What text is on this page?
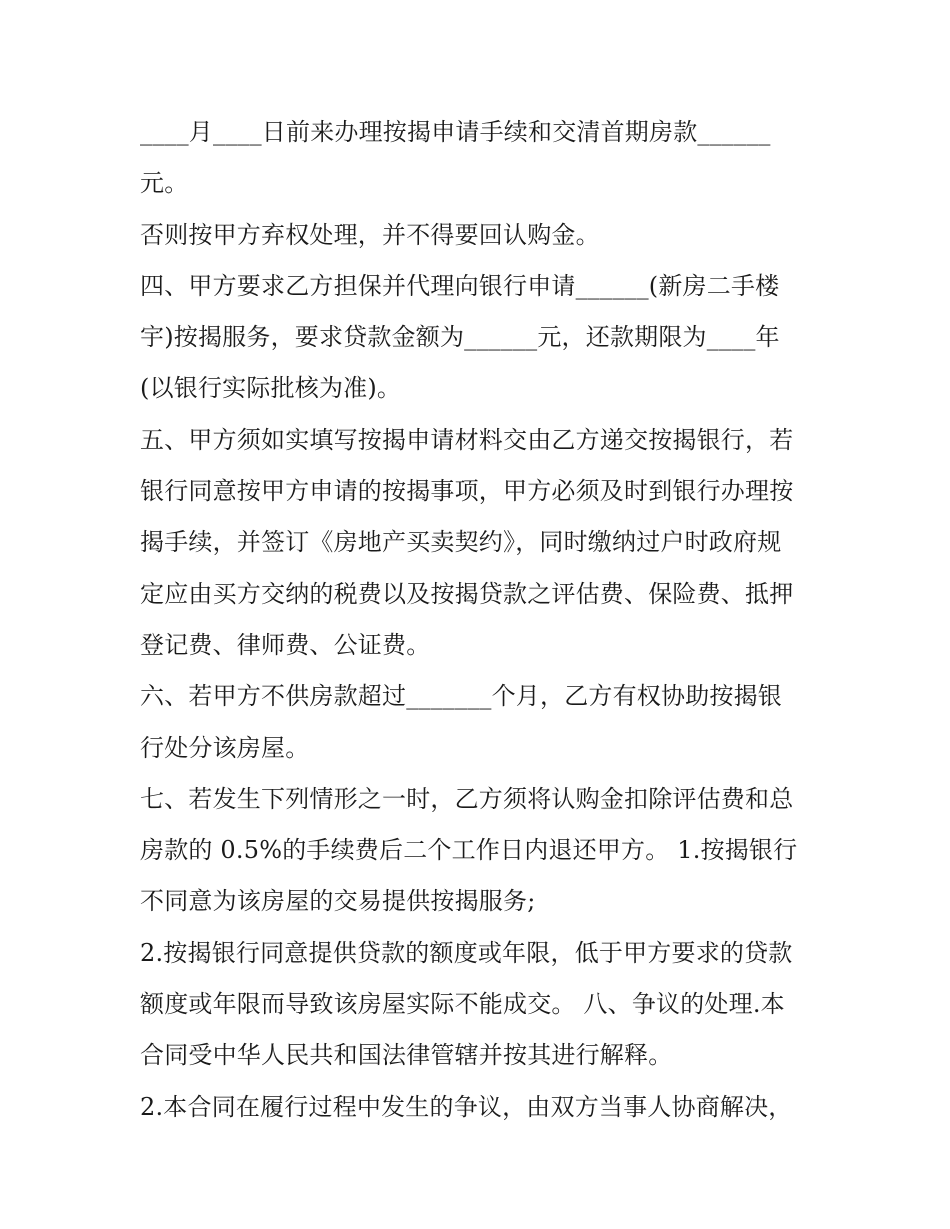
____月____日前来办理按揭申请手续和交清首期房款______
元。
否则按甲方弃权处理，并不得要回认购金。
四、甲方要求乙方担保并代理向银行申请______(新房二手楼
宇)按揭服务，要求贷款金额为______元，还款期限为____年
(以银行实际批核为准)。
五、甲方须如实填写按揭申请材料交由乙方递交按揭银行，若
银行同意按甲方申请的按揭事项，甲方必须及时到银行办理按
揭手续，并签订《房地产买卖契约》，同时缴纳过户时政府规
定应由买方交纳的税费以及按揭贷款之评估费、保险费、抵押
登记费、律师费、公证费。
六、若甲方不供房款超过_______个月，乙方有权协助按揭银
行处分该房屋。
七、若发生下列情形之一时，乙方须将认购金扣除评估费和总
房款的 0.5%的手续费后二个工作日内退还甲方。 1.按揭银行
不同意为该房屋的交易提供按揭服务;
2.按揭银行同意提供贷款的额度或年限，低于甲方要求的贷款
额度或年限而导致该房屋实际不能成交。 八、争议的处理.本
合同受中华人民共和国法律管辖并按其进行解释。
2.本合同在履行过程中发生的争议，由双方当事人协商解决，
